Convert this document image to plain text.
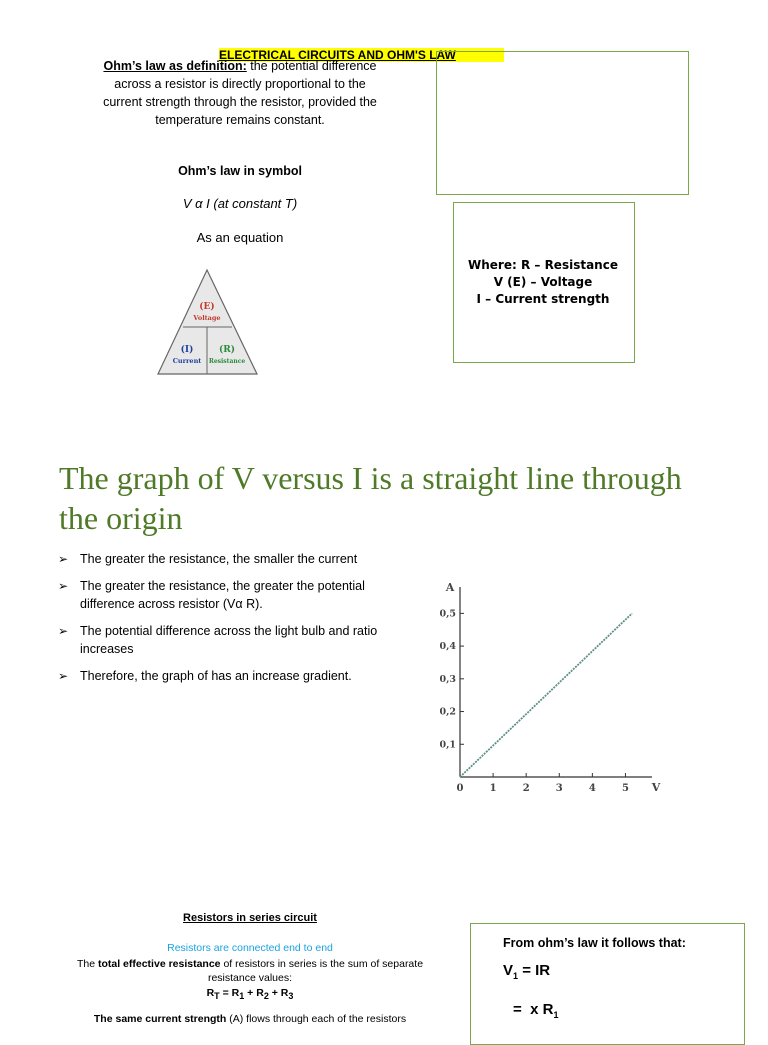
ELECTRICAL CIRCUITS AND OHM'S LAW
Ohm’s law as definition: the potential difference across a resistor is directly proportional to the current strength through the resistor, provided the temperature remains constant.
Ohm’s law in symbol
V α I (at constant T)
As an equation
(E)
Voltage
(I)
Current
(R)
Resistance
Where: R – Resistance
V (E) – Voltage
I – Current strength
The graph of V versus I is a straight line through the origin
➢ The greater the resistance, the smaller the current
➢ The greater the resistance, the greater the potential difference across resistor (Vα R).
➢ The potential difference across the light bulb and ratio increases
➢ Therefore, the graph of has an increase gradient.
0	1	2	3	4	5
0,1
0,2
0,3
0,4
0,5
V
A
Resistors in series circuit
Resistors are connected end to end
The total effective resistance of resistors in series is the sum of separate resistance values:
$R_T = R_1 + R_2 + R_3$
The same current strength (A) flows through each of the resistors
From ohm’s law it follows that:
$V_1$ = IR
=  x $R_1$
